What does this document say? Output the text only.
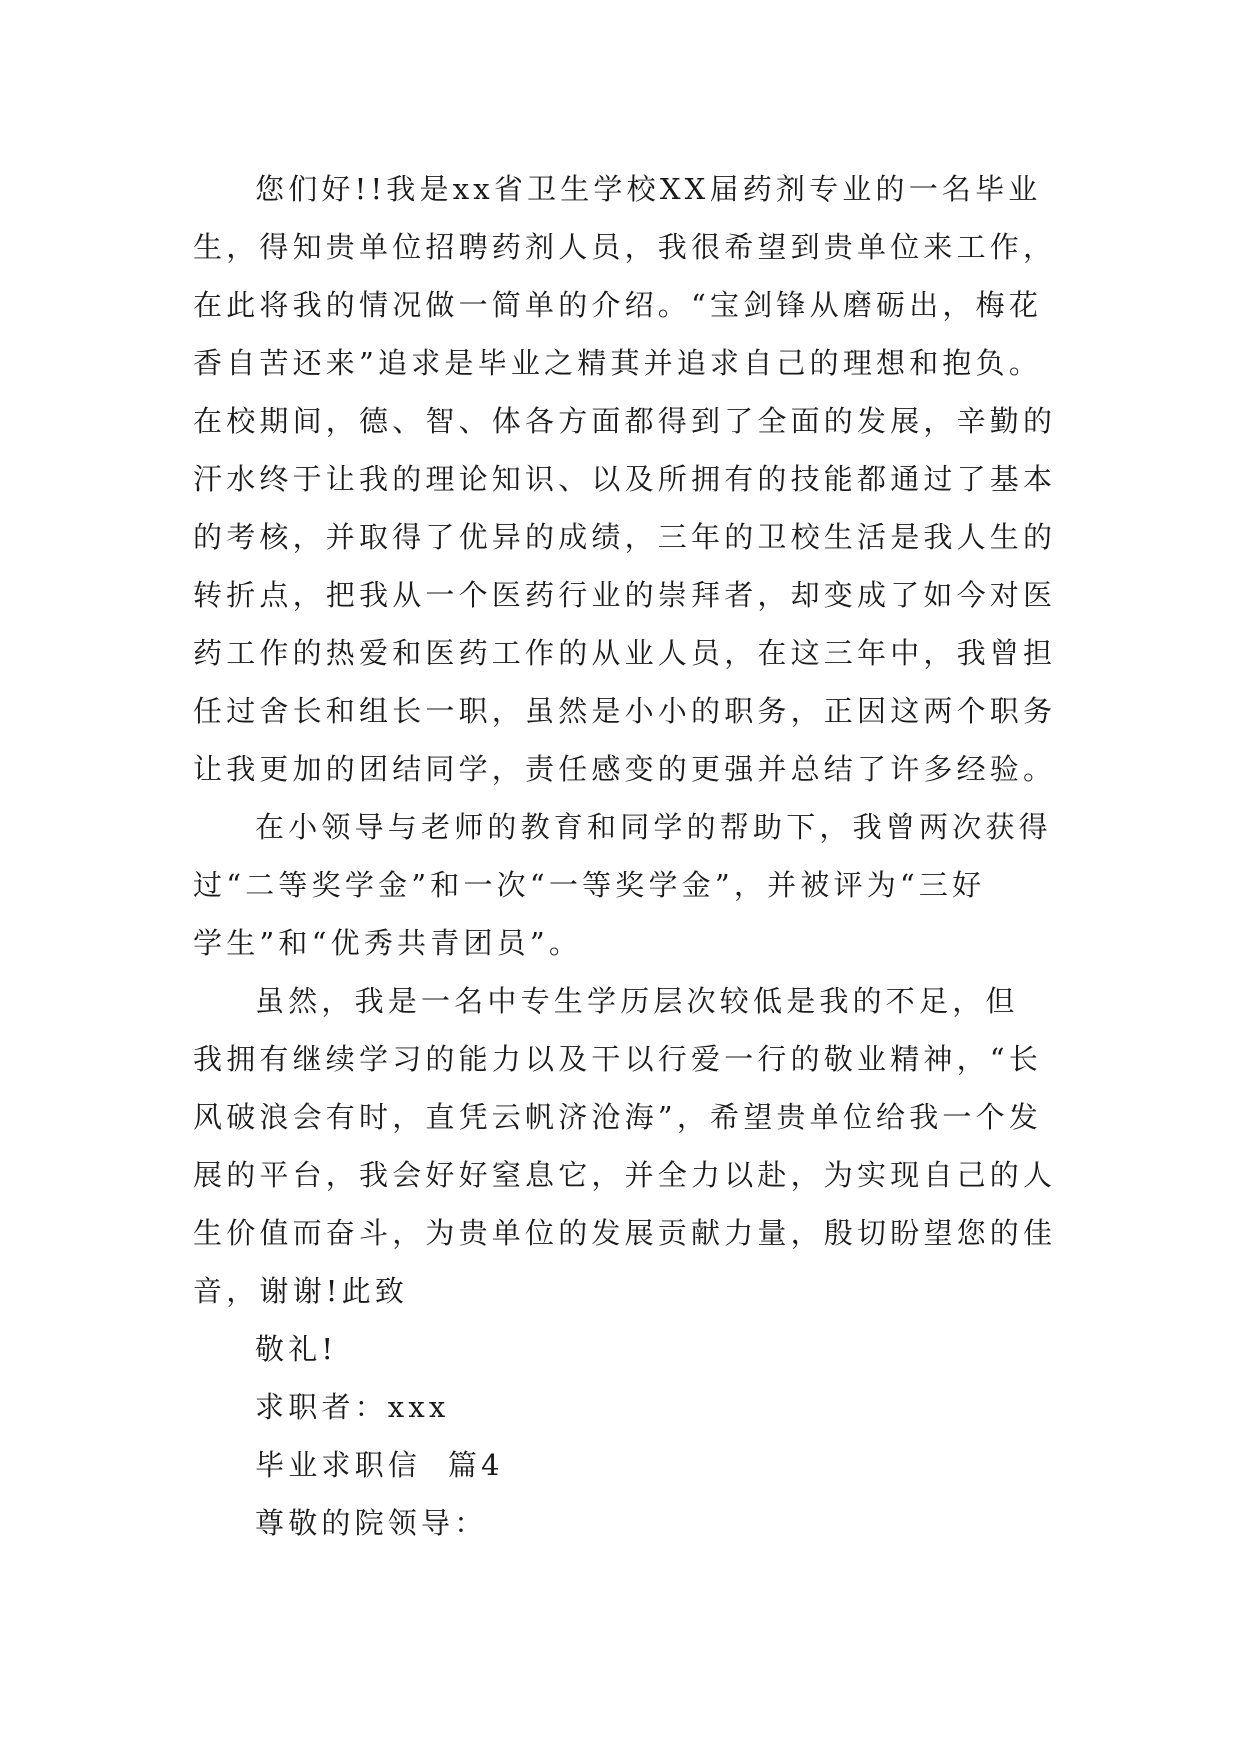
您们好!!我是xx省卫生学校XX届药剂专业的一名毕业

生，得知贵单位招聘药剂人员，我很希望到贵单位来工作，

在此将我的情况做一简单的介绍。“宝剑锋从磨砺出，梅花

香自苦还来”追求是毕业之精萁并追求自己的理想和抱负。

在校期间，德、智、体各方面都得到了全面的发展，辛勤的

汗水终于让我的理论知识、以及所拥有的技能都通过了基本

的考核，并取得了优异的成绩，三年的卫校生活是我人生的

转折点，把我从一个医药行业的崇拜者，却变成了如今对医

药工作的热爱和医药工作的从业人员，在这三年中，我曾担

任过舍长和组长一职，虽然是小小的职务，正因这两个职务

让我更加的团结同学，责任感变的更强并总结了许多经验。

在小领导与老师的教育和同学的帮助下，我曾两次获得

过“二等奖学金”和一次“一等奖学金”，并被评为“三好

学生”和“优秀共青团员”。

虽然，我是一名中专生学历层次较低是我的不足，但

我拥有继续学习的能力以及干以行爱一行的敬业精神，“长

风破浪会有时，直凭云帆济沧海”，希望贵单位给我一个发

展的平台，我会好好窒息它，并全力以赴，为实现自己的人

生价值而奋斗，为贵单位的发展贡献力量，殷切盼望您的佳

音，谢谢!此致

敬礼!

求职者：xxx

毕业求职信  篇4

尊敬的院领导：
